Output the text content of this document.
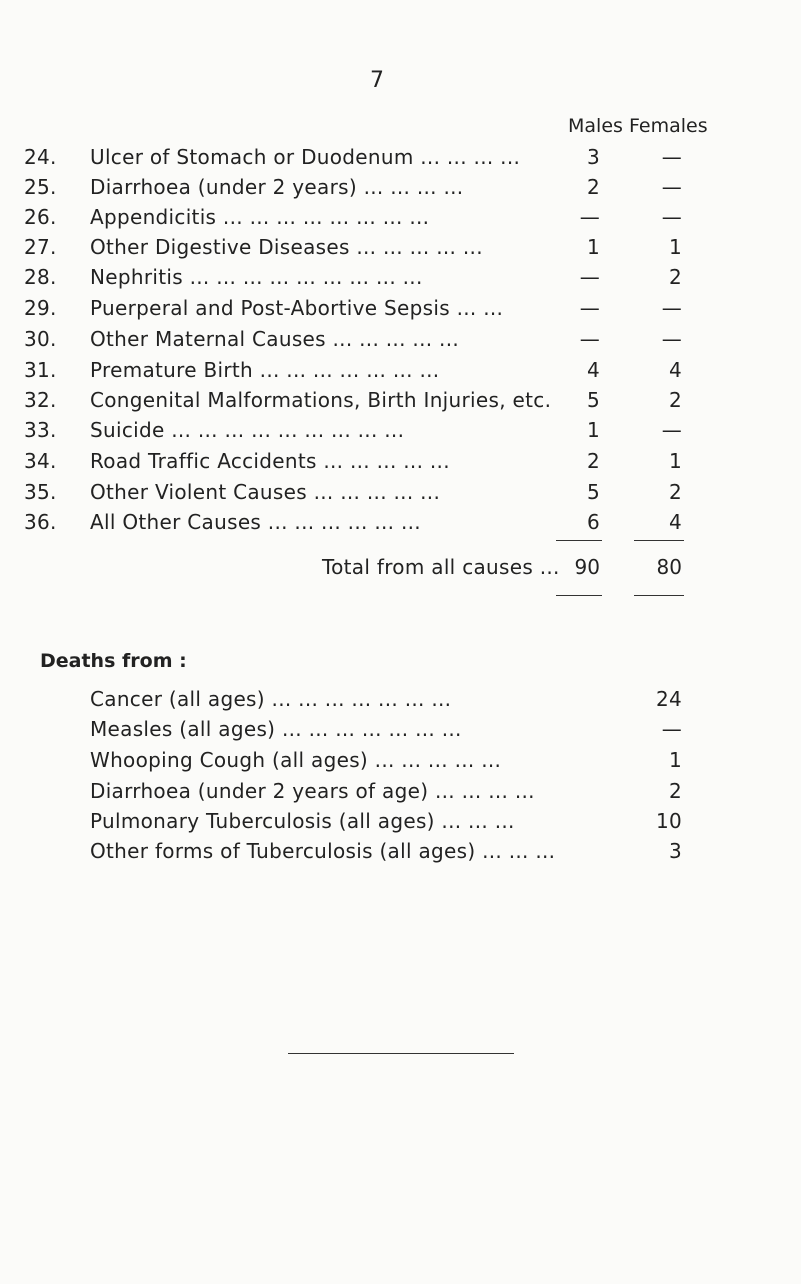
7
Males Females
24. Ulcer of Stomach or Duodenum ... ... ... ...	3	—
25. Diarrhoea (under 2 years) ... ... ... ...	2	—
26. Appendicitis ... ... ... ... ... ... ... ...	—	—
27. Other Digestive Diseases ... ... ... ... ...	1	1
28. Nephritis ... ... ... ... ... ... ... ... ...	—	2
29. Puerperal and Post-Abortive Sepsis ... ...	—	—
30. Other Maternal Causes ... ... ... ... ...	—	—
31. Premature Birth ... ... ... ... ... ... ...	4	4
32. Congenital Malformations, Birth Injuries, etc.	5	2
33. Suicide ... ... ... ... ... ... ... ... ...	1	—
34. Road Traffic Accidents ... ... ... ... ...	2	1
35. Other Violent Causes ... ... ... ... ...	5	2
36. All Other Causes ... ... ... ... ... ...	6	4
Total from all causes ... 90	80
Deaths from :
Cancer (all ages) ... ... ... ... ... ... ...	24
Measles (all ages) ... ... ... ... ... ... ...	—
Whooping Cough (all ages) ... ... ... ... ...	1
Diarrhoea (under 2 years of age) ... ... ... ...	2
Pulmonary Tuberculosis (all ages) ... ... ...	10
Other forms of Tuberculosis (all ages) ... ... ...	3
